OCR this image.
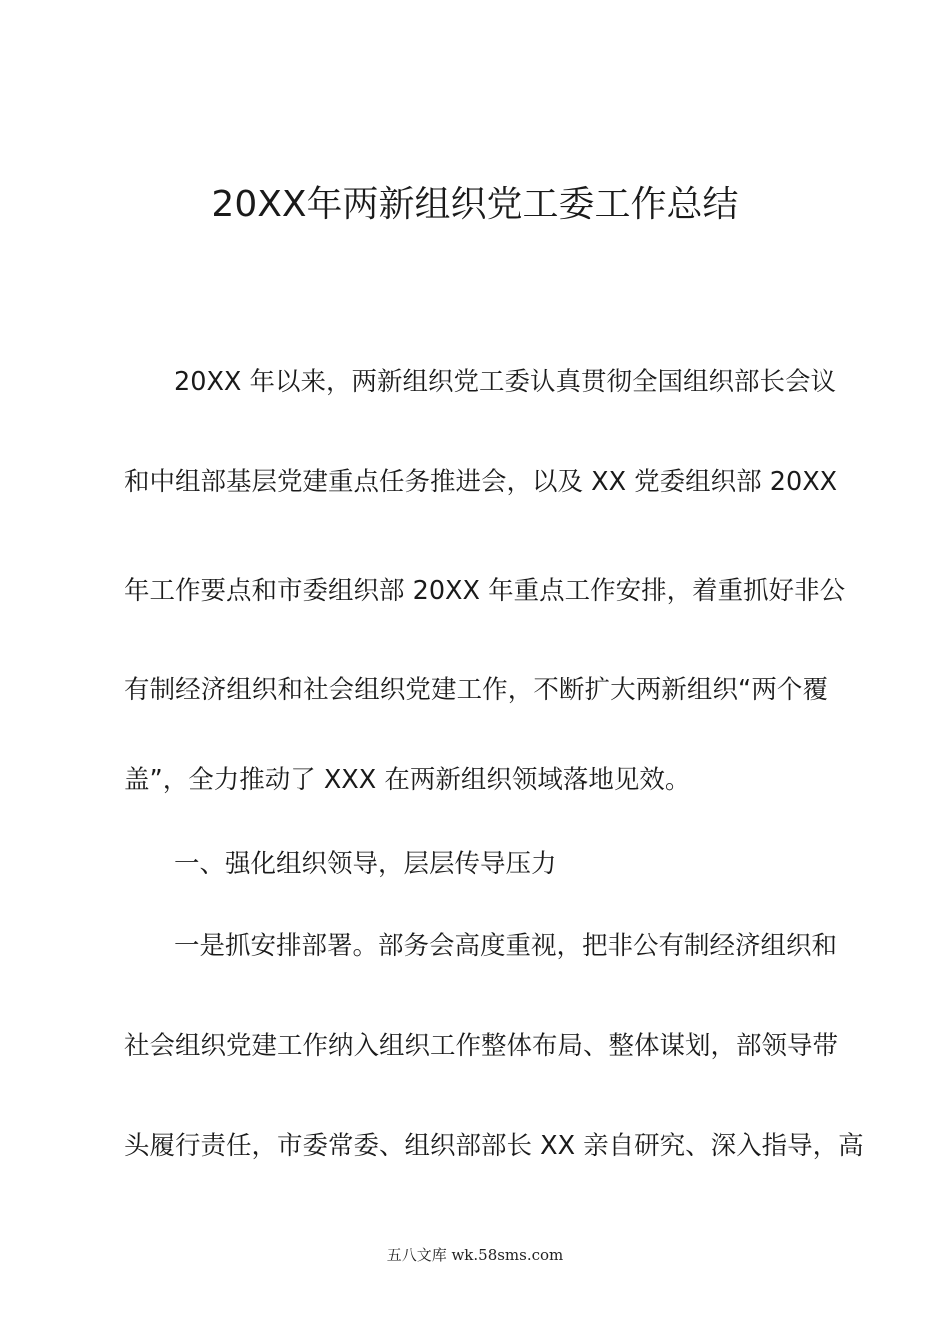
20XX年两新组织党工委工作总结
20XX 年以来，两新组织党工委认真贯彻全国组织部长会议
和中组部基层党建重点任务推进会，以及 XX 党委组织部 20XX
年工作要点和市委组织部 20XX 年重点工作安排，着重抓好非公
有制经济组织和社会组织党建工作，不断扩大两新组织“两个覆
盖”，全力推动了 XXX 在两新组织领域落地见效。
一、强化组织领导，层层传导压力
一是抓安排部署。部务会高度重视，把非公有制经济组织和
社会组织党建工作纳入组织工作整体布局、整体谋划，部领导带
头履行责任，市委常委、组织部部长 XX 亲自研究、深入指导，高
五八文库 wk.58sms.com
